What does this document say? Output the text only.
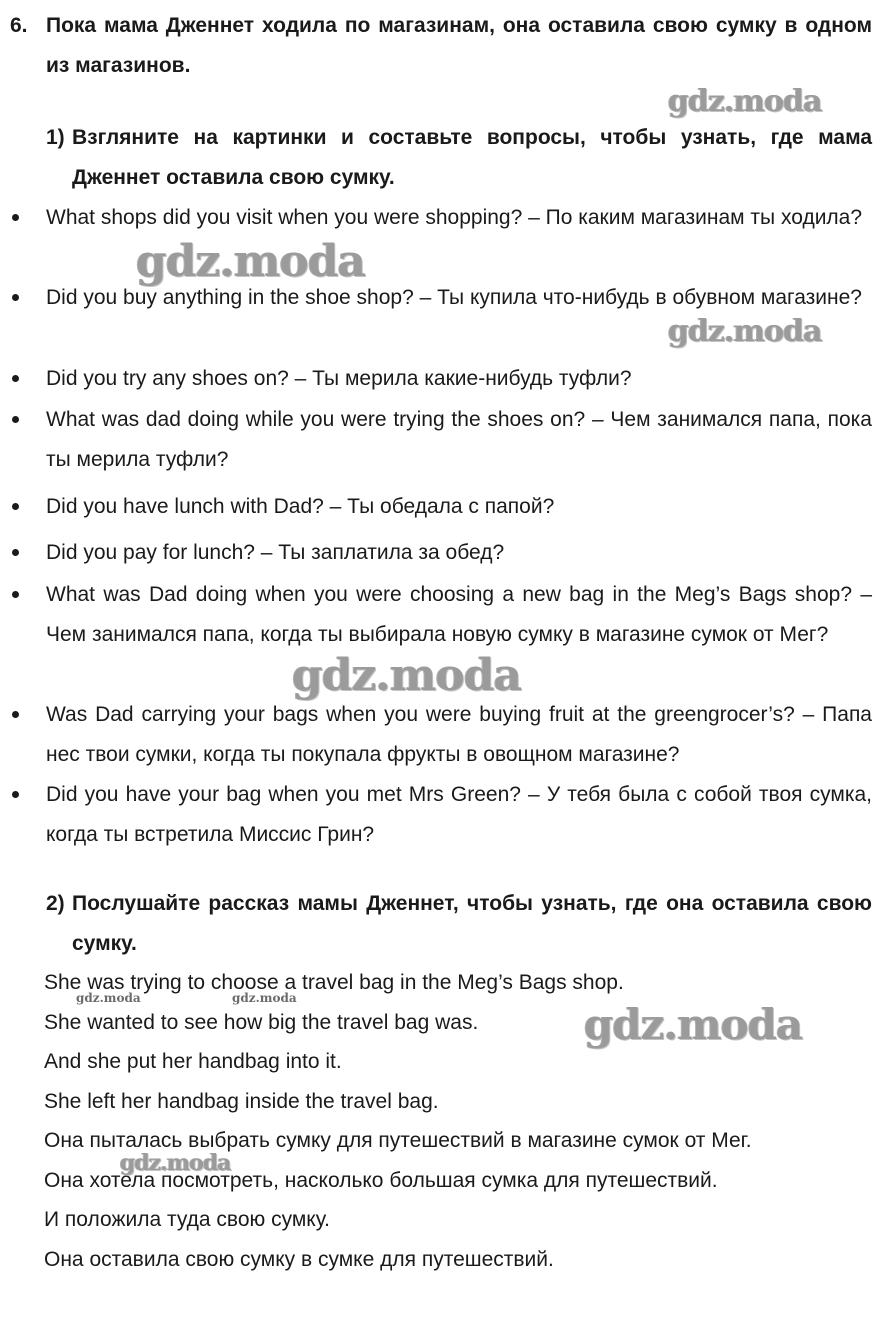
6. Пока мама Дженнет ходила по магазинам, она оставила свою сумку в одном из магазинов.
1) Взгляните на картинки и составьте вопросы, чтобы узнать, где мама Дженнет оставила свою сумку.
What shops did you visit when you were shopping? – По каким магазинам ты ходила?
Did you buy anything in the shoe shop? – Ты купила что-нибудь в обувном магазине?
Did you try any shoes on? – Ты мерила какие-нибудь туфли?
What was dad doing while you were trying the shoes on? – Чем занимался папа, пока ты мерила туфли?
Did you have lunch with Dad? – Ты обедала с папой?
Did you pay for lunch? – Ты заплатила за обед?
What was Dad doing when you were choosing a new bag in the Meg’s Bags shop? – Чем занимался папа, когда ты выбирала новую сумку в магазине сумок от Мег?
Was Dad carrying your bags when you were buying fruit at the greengrocer’s? – Папа нес твои сумки, когда ты покупала фрукты в овощном магазине?
Did you have your bag when you met Mrs Green? – У тебя была с собой твоя сумка, когда ты встретила Миссис Грин?
2) Послушайте рассказ мамы Дженнет, чтобы узнать, где она оставила свою сумку.
She was trying to choose a travel bag in the Meg’s Bags shop.
She wanted to see how big the travel bag was.
And she put her handbag into it.
She left her handbag inside the travel bag.
Она пыталась выбрать сумку для путешествий в магазине сумок от Мег.
Она хотела посмотреть, насколько большая сумка для путешествий.
И положила туда свою сумку.
Она оставила свою сумку в сумке для путешествий.
gdz.moda
gdz.moda
gdz.moda
gdz.moda
gdz.moda
gdz.moda	gdz.moda
gdz.moda
